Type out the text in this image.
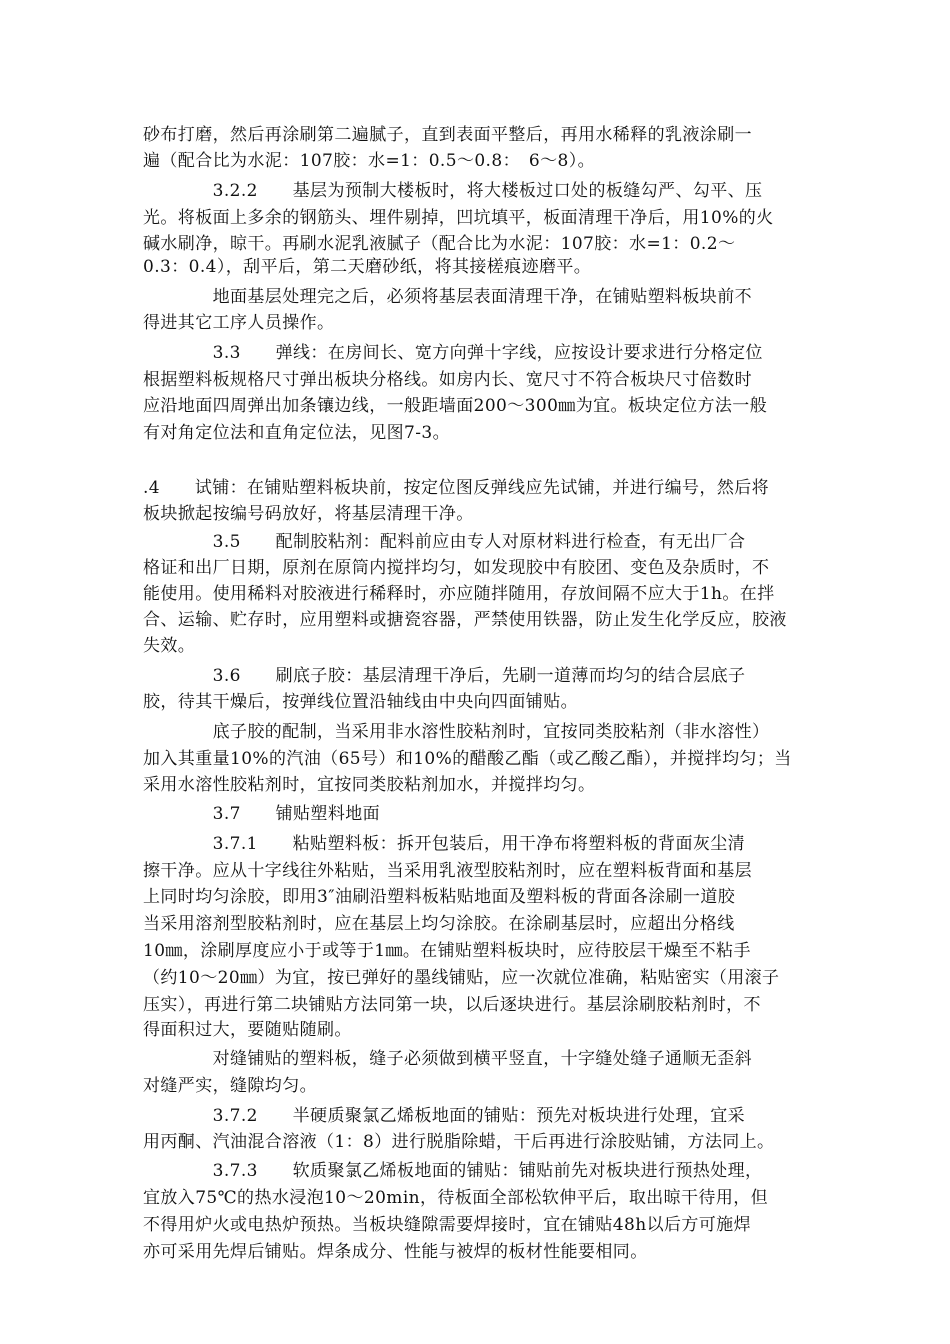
砂布打磨，然后再涂刷第二遍腻子，直到表面平整后，再用水稀释的乳液涂刷一

遍（配合比为水泥：107胶：水=1：0.5～0.8：　6～8）。

　　　　3.2.2　　基层为预制大楼板时，将大楼板过口处的板缝勾严、勾平、压

光。将板面上多余的钢筋头、埋件剔掉，凹坑填平，板面清理干净后，用10%的火

碱水刷净，晾干。再刷水泥乳液腻子（配合比为水泥：107胶：水=1：0.2～

0.3：0.4），刮平后，第二天磨砂纸，将其接槎痕迹磨平。

　　　　地面基层处理完之后，必须将基层表面清理干净，在铺贴塑料板块前不

得进其它工序人员操作。

　　　　3.3　　弹线：在房间长、宽方向弹十字线，应按设计要求进行分格定位

根据塑料板规格尺寸弹出板块分格线。如房内长、宽尺寸不符合板块尺寸倍数时

应沿地面四周弹出加条镶边线，一般距墙面200～300㎜为宜。板块定位方法一般

有对角定位法和直角定位法，见图7-3。

.4　　试铺：在铺贴塑料板块前，按定位图反弹线应先试铺，并进行编号，然后将

板块掀起按编号码放好，将基层清理干净。

　　　　3.5　　配制胶粘剂：配料前应由专人对原材料进行检查，有无出厂合

格证和出厂日期，原剂在原筒内搅拌均匀，如发现胶中有胶团、变色及杂质时，不

能使用。使用稀料对胶液进行稀释时，亦应随拌随用，存放间隔不应大于1h。在拌

合、运输、贮存时，应用塑料或搪瓷容器，严禁使用铁器，防止发生化学反应，胶液

失效。

　　　　3.6　　刷底子胶：基层清理干净后，先刷一道薄而均匀的结合层底子

胶，待其干燥后，按弹线位置沿轴线由中央向四面铺贴。

　　　　底子胶的配制，当采用非水溶性胶粘剂时，宜按同类胶粘剂（非水溶性）

加入其重量10%的汽油（65号）和10%的醋酸乙酯（或乙酸乙酯），并搅拌均匀；当

采用水溶性胶粘剂时，宜按同类胶粘剂加水，并搅拌均匀。

　　　　3.7　　铺贴塑料地面

　　　　3.7.1　　粘贴塑料板：拆开包装后，用干净布将塑料板的背面灰尘清

擦干净。应从十字线往外粘贴，当采用乳液型胶粘剂时，应在塑料板背面和基层

上同时均匀涂胶，即用3″油刷沿塑料板粘贴地面及塑料板的背面各涂刷一道胶

当采用溶剂型胶粘剂时，应在基层上均匀涂胶。在涂刷基层时，应超出分格线

10㎜，涂刷厚度应小于或等于1㎜。在铺贴塑料板块时，应待胶层干燥至不粘手

（约10～20㎜）为宜，按已弹好的墨线铺贴，应一次就位准确，粘贴密实（用滚子

压实），再进行第二块铺贴方法同第一块，以后逐块进行。基层涂刷胶粘剂时，不

得面积过大，要随贴随刷。

　　　　对缝铺贴的塑料板，缝子必须做到横平竖直，十字缝处缝子通顺无歪斜

对缝严实，缝隙均匀。

　　　　3.7.2　　半硬质聚氯乙烯板地面的铺贴：预先对板块进行处理，宜采

用丙酮、汽油混合溶液（1：8）进行脱脂除蜡，干后再进行涂胶贴铺，方法同上。

　　　　3.7.3　　软质聚氯乙烯板地面的铺贴：铺贴前先对板块进行预热处理，

宜放入75℃的热水浸泡10～20min，待板面全部松软伸平后，取出晾干待用，但

不得用炉火或电热炉预热。当板块缝隙需要焊接时，宜在铺贴48h以后方可施焊

亦可采用先焊后铺贴。焊条成分、性能与被焊的板材性能要相同。
